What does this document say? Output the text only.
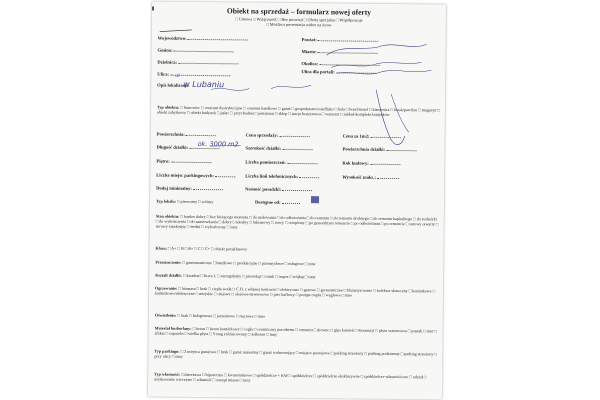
Obiekt na sprzedaż – formularz nowej oferty
□ Umowa □ Wyłączność □ Bez prowizji □ Oferta specjalna □ Współpracuje
□ Możliwa prezentacja wideo na żywo
Województwo:	Powiat:
Gmina:	Miasto:
Dzielnica:	Okolica:
Ulica:	Ulica dla portali:
Opis lokalizacji:
w Lubaniu
ul.
Typ obiektu: □ biurowiec □ centrum dystrybucyjne □ centrum handlowe □ garaż □ gospodarstwo/siedlisko □ hala □ hotel/motel □ kamienica □ kiosk/pawilon □ magazyn □ obiekt zabytkowy □ obiekt budynek □ pałac □ przychodnia □ pensjonat □ sklep □ stacja benzynowa □ warsztat □ zakład-kompleks budynków
Powierzchnia:	Cena sprzedaży:	Cena za 1m2:
Długość działki:	Szerokość działki:	Powierzchnia działki:
ok. 3000 m2
Piętro:	Liczba pomieszczeń:	Rok budowy:
Liczba miejsc parkingowych:	Liczba linii telefonicznych:	Wysokość maks.:
Dodaj minimalny:	Nośność posadzki:
Typ lokalu: □ pierwotny □ wtórny	Dostępne od:
Stan obiektu: □ bardzo dobry □ bez bieżącego montażu □ do malowania □ do odświeżania □ do remontu □ do remontu drobnego □ do remontu kapitalnego □ do rozbiórki □ do wykończenia □ do zamieszkania □ dobry □ idealny □ luksusowy □ nowy □ ocieplony □ po generalnym remoncie □ po odświeżaniu □ po remoncie □ surowy otwarty □ surowy zamknięty □ średni □ wykończony □ inny
Klasa: □ A+ □ B □ B+ □ C □ C+ □ obiekt pozaklasowy
Przeznaczenie: □ gastronomiczne □ handlowe □ produkcyjne □ przemysłowe □ usługowe □ inne
Kształt działki: □ kwadrat □ litera L □ nieregularny □ prostokąt □ romb □ trapez □ trójkąt □ inny
Ogrzewanie: □ biomasa □ brak □ ciepła woda □ C.O. z własnej kotłowni □ elektryczne □ gazowe □ geotermiczne □ klimatyzowane □ kolektor słoneczny □ kominkowe □ kominkowo/elektryczne □ miejskie □ olejowe □ olejowo-nawiewowe □ piec kaflowy □ pompa ciepła □ węglowe □ inne
Oświetlenie: □ brak □ halogenowe □ jarzeniowe □ rtęciowe □ inne
Materiał budowlany: □ beton □ beton komórkowy □ cegła □ ceramiczny porotherm □ cementu □ drewno □ gips kamień □ Keramzyt □ płyta warstwowa □ pustak □ mur □ silikat □ suporeks □ wielka płyta □ Ytong zróżnicowany □ żelbeton □ inny
Typ parkingu: □ 2 miejsca garażowe □ brak □ garaż naziemny □ garaż wolnostojący □ miejsce postojowe □ parking strzeżony □ parking podziemny □ parking strzeżony □ przy ulicy □ inny
Typ własności: □ dzierżawa □ hipoteczne □ kwaterunkowe □ spółdzielcze + KW □ spółdzielcze □ spółdzielcze ekskluzywne □ spółdzielcze własnościowe □ udział □ użytkowanie wieczyste □ własność □ zarząd miasta □ inny
